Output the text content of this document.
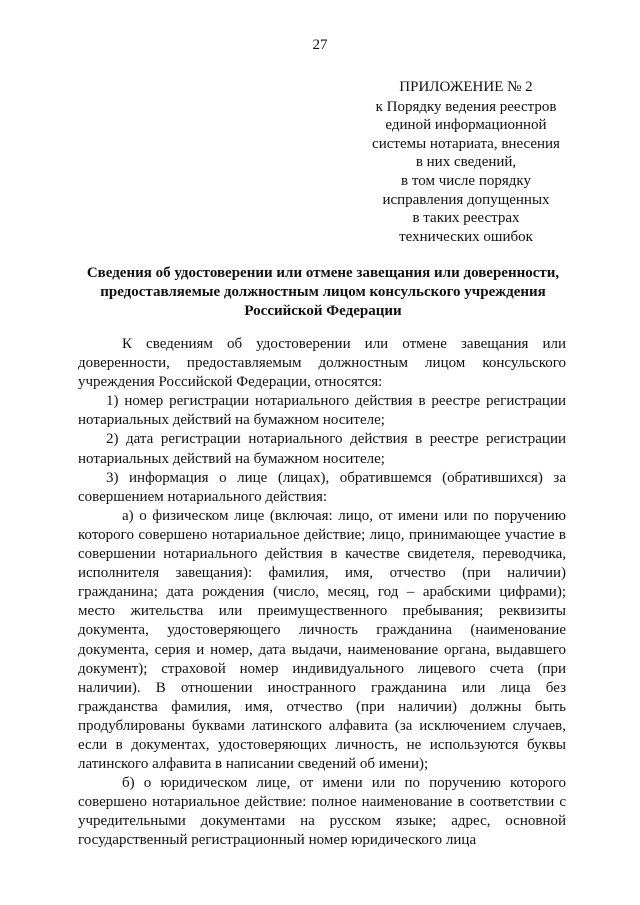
27
ПРИЛОЖЕНИЕ № 2
к Порядку ведения реестров
единой информационной
системы нотариата, внесения
в них сведений,
в том числе порядку
исправления допущенных
в таких реестрах
технических ошибок
Сведения об удостоверении или отмене завещания или доверенности,
предоставляемые должностным лицом консульского учреждения
Российской Федерации

К сведениям об удостоверении или отмене завещания или доверенности, предоставляемым должностным лицом консульского учреждения Российской Федерации, относятся:

1) номер регистрации нотариального действия в реестре регистрации нотариальных действий на бумажном носителе;

2) дата регистрации нотариального действия в реестре регистрации нотариальных действий на бумажном носителе;

3) информация о лице (лицах), обратившемся (обратившихся) за совершением нотариального действия:

а) о физическом лице (включая: лицо, от имени или по поручению которого совершено нотариальное действие; лицо, принимающее участие в совершении нотариального действия в качестве свидетеля, переводчика, исполнителя завещания): фамилия, имя, отчество (при наличии) гражданина; дата рождения (число, месяц, год – арабскими цифрами); место жительства или преимущественного пребывания; реквизиты документа, удостоверяющего личность гражданина (наименование документа, серия и номер, дата выдачи, наименование органа, выдавшего документ); страховой номер индивидуального лицевого счета (при наличии). В отношении иностранного гражданина или лица без гражданства фамилия, имя, отчество (при наличии) должны быть продублированы буквами латинского алфавита (за исключением случаев, если в документах, удостоверяющих личность, не используются буквы латинского алфавита в написании сведений об имени);

б) о юридическом лице, от имени или по поручению которого совершено нотариальное действие: полное наименование в соответствии с учредительными документами на русском языке; адрес, основной государственный регистрационный номер юридического лица
